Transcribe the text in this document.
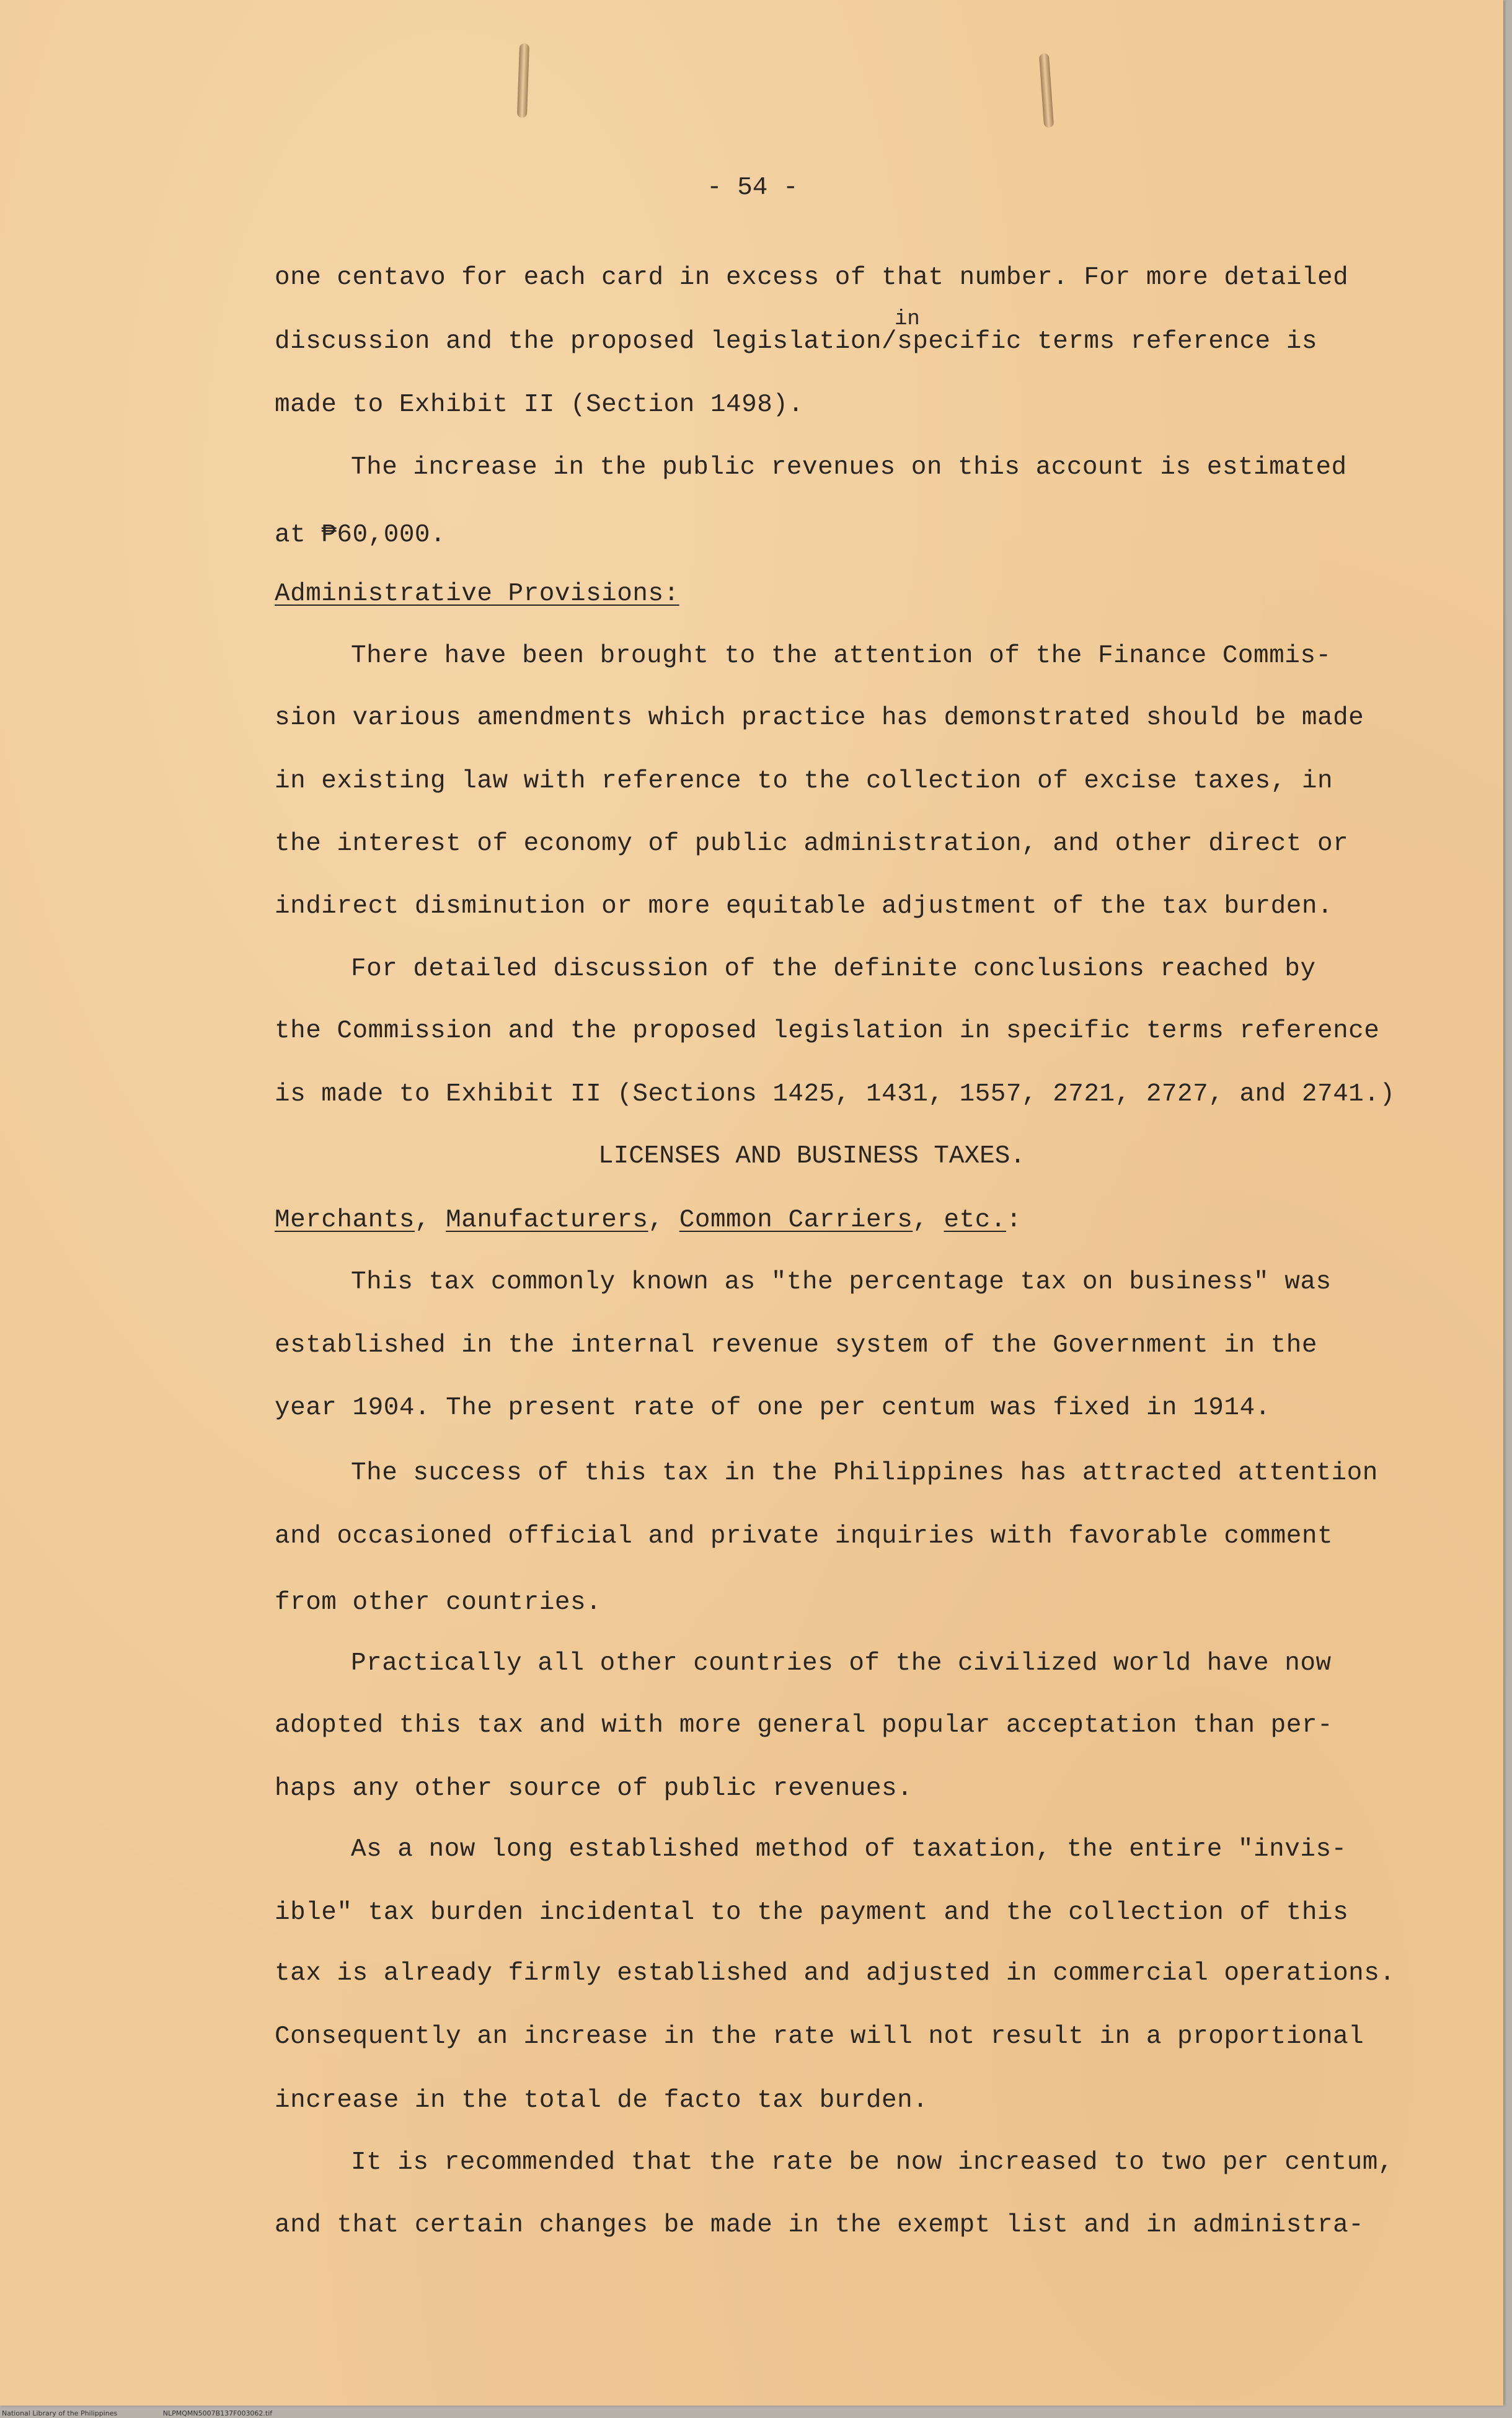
- 54 -
one centavo for each card in excess of that number. For more detailed
in
discussion and the proposed legislation/specific terms reference is
made to Exhibit II (Section 1498).
The increase in the public revenues on this account is estimated
at ₱60,000.
Administrative Provisions:
There have been brought to the attention of the Finance Commis-
sion various amendments which practice has demonstrated should be made
in existing law with reference to the collection of excise taxes, in
the interest of economy of public administration, and other direct or
indirect disminution or more equitable adjustment of the tax burden.
For detailed discussion of the definite conclusions reached by
the Commission and the proposed legislation in specific terms reference
is made to Exhibit II (Sections 1425, 1431, 1557, 2721, 2727, and 2741.)
LICENSES AND BUSINESS TAXES.
Merchants, Manufacturers, Common Carriers, etc.:
This tax commonly known as "the percentage tax on business" was
established in the internal revenue system of the Government in the
year 1904. The present rate of one per centum was fixed in 1914.
The success of this tax in the Philippines has attracted attention
and occasioned official and private inquiries with favorable comment
from other countries.
Practically all other countries of the civilized world have now
adopted this tax and with more general popular acceptation than per-
haps any other source of public revenues.
As a now long established method of taxation, the entire "invis-
ible" tax burden incidental to the payment and the collection of this
tax is already firmly established and adjusted in commercial operations.
Consequently an increase in the rate will not result in a proportional
increase in the total de facto tax burden.
It is recommended that the rate be now increased to two per centum,
and that certain changes be made in the exempt list and in administra-
National Library of the Philippines	NLPMQMN5007B137F003062.tif
